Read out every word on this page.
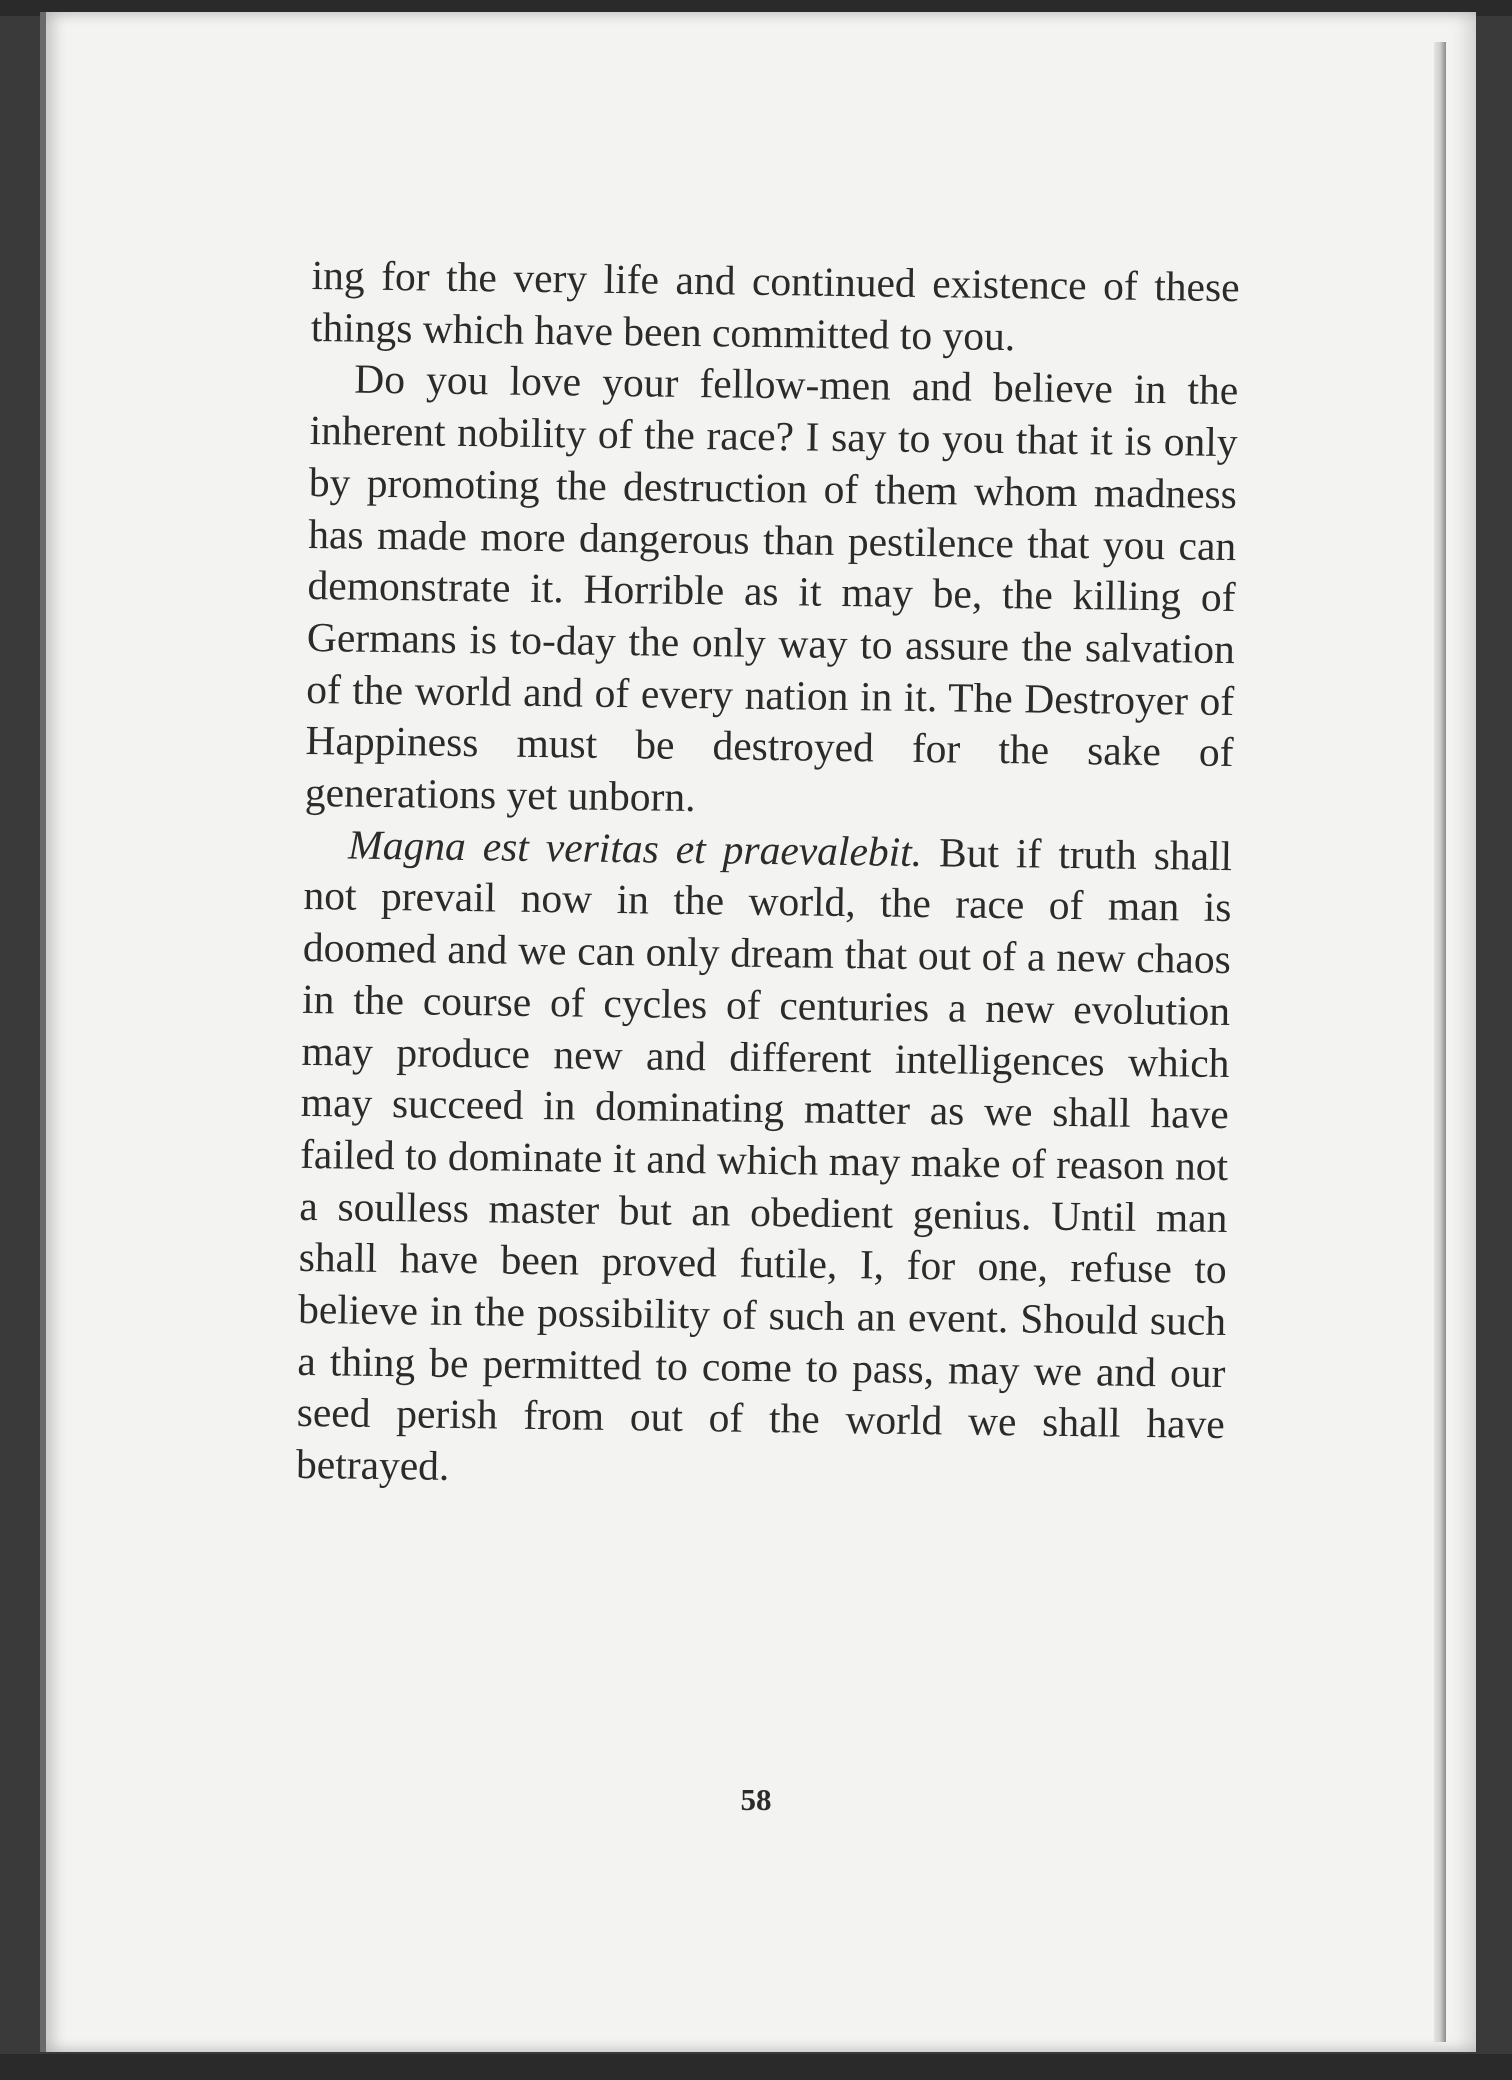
ing for the very life and continued existence of these things which have been committed to you.

Do you love your fellow-men and believe in the inherent nobility of the race? I say to you that it is only by promoting the destruction of them whom madness has made more dangerous than pestilence that you can demonstrate it. Horrible as it may be, the killing of Germans is to-day the only way to assure the salvation of the world and of every nation in it. The Destroyer of Happiness must be destroyed for the sake of generations yet unborn.

Magna est veritas et praevalebit. But if truth shall not prevail now in the world, the race of man is doomed and we can only dream that out of a new chaos in the course of cycles of centuries a new evolution may produce new and different intelligences which may succeed in dominating matter as we shall have failed to dominate it and which may make of reason not a soulless master but an obedient genius. Until man shall have been proved futile, I, for one, refuse to believe in the possibility of such an event. Should such a thing be permitted to come to pass, may we and our seed perish from out of the world we shall have betrayed.

58
